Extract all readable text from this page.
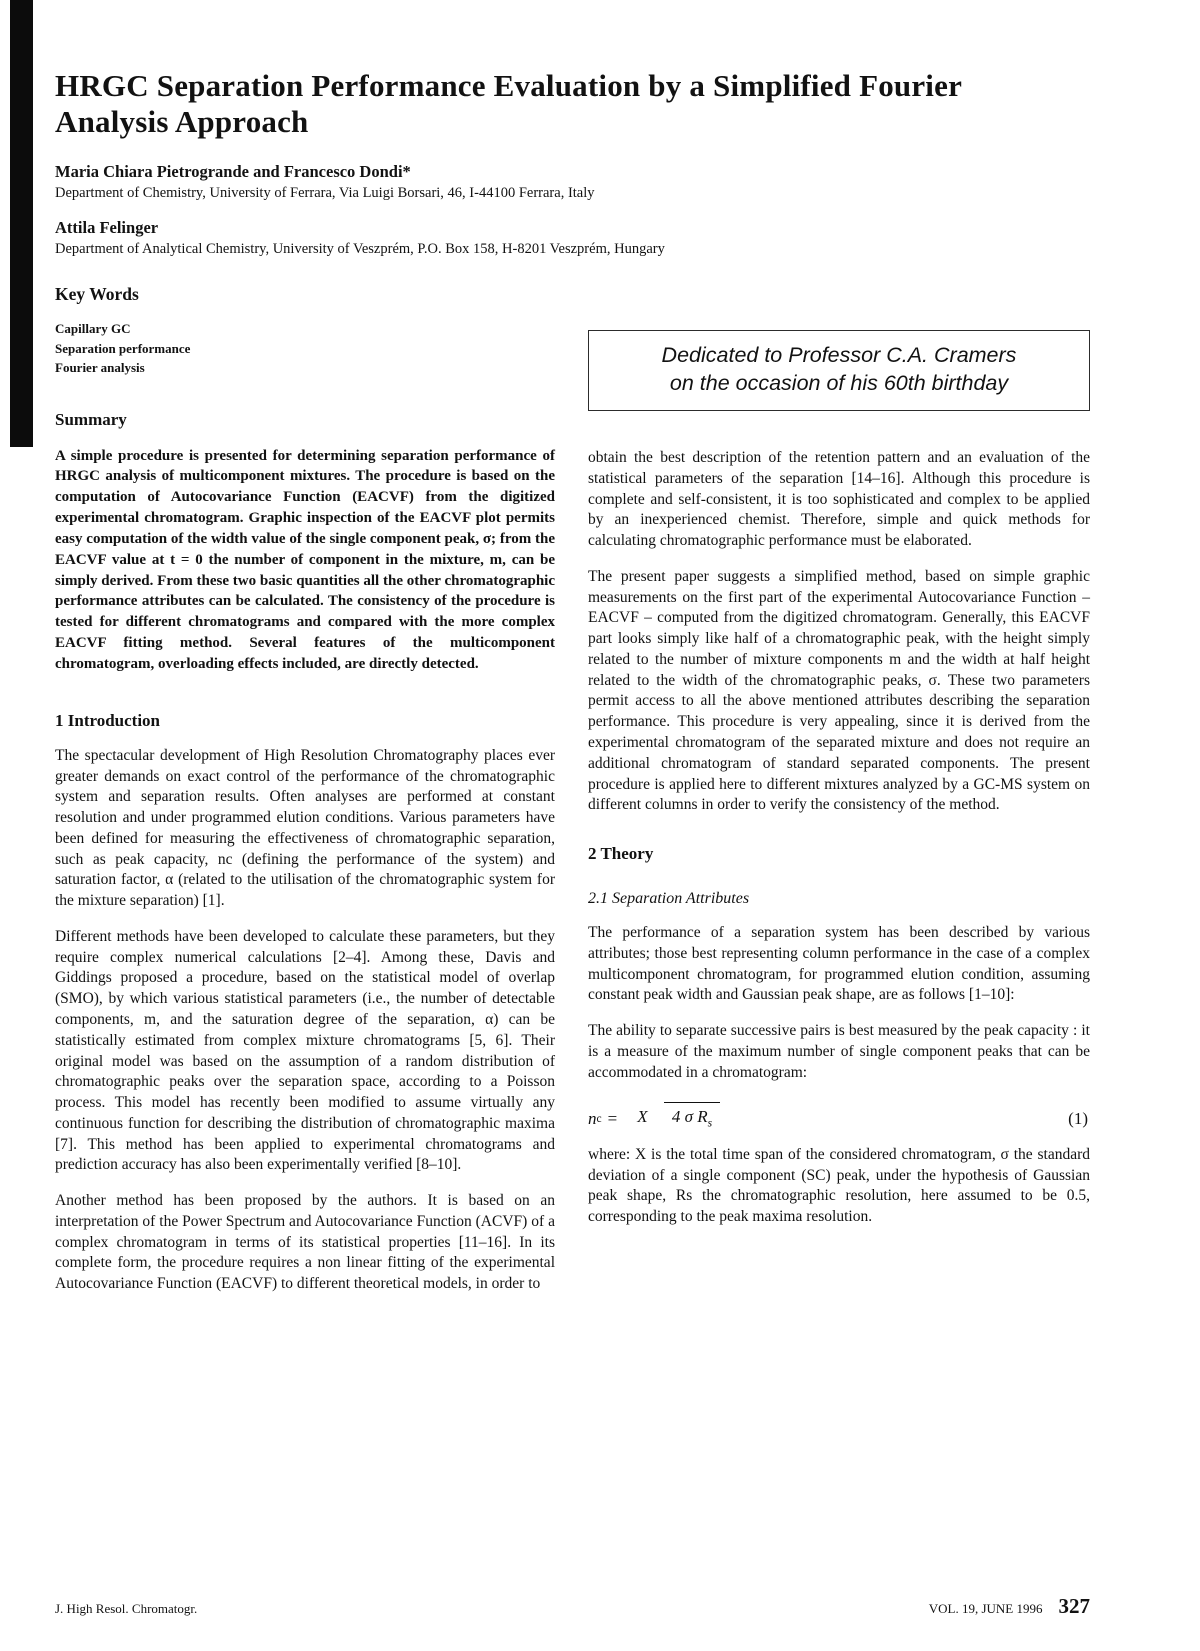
HRGC Separation Performance Evaluation by a Simplified Fourier Analysis Approach
Maria Chiara Pietrogrande and Francesco Dondi*
Department of Chemistry, University of Ferrara, Via Luigi Borsari, 46, I-44100 Ferrara, Italy
Attila Felinger
Department of Analytical Chemistry, University of Veszprém, P.O. Box 158, H-8201 Veszprém, Hungary
Key Words
Capillary GC
Separation performance
Fourier analysis
Summary

A simple procedure is presented for determining separation performance of HRGC analysis of multicomponent mixtures. The procedure is based on the computation of Autocovariance Function (EACVF) from the digitized experimental chromatogram. Graphic inspection of the EACVF plot permits easy computation of the width value of the single component peak, σ; from the EACVF value at t = 0 the number of component in the mixture, m, can be simply derived. From these two basic quantities all the other chromatographic performance attributes can be calculated. The consistency of the procedure is tested for different chromatograms and compared with the more complex EACVF fitting method. Several features of the multicomponent chromatogram, overloading effects included, are directly detected.

1 Introduction

The spectacular development of High Resolution Chromatography places ever greater demands on exact control of the performance of the chromatographic system and separation results. Often analyses are performed at constant resolution and under programmed elution conditions. Various parameters have been defined for measuring the effectiveness of chromatographic separation, such as peak capacity, nc (defining the performance of the system) and saturation factor, α (related to the utilisation of the chromatographic system for the mixture separation) [1].

Different methods have been developed to calculate these parameters, but they require complex numerical calculations [2–4]. Among these, Davis and Giddings proposed a procedure, based on the statistical model of overlap (SMO), by which various statistical parameters (i.e., the number of detectable components, m, and the saturation degree of the separation, α) can be statistically estimated from complex mixture chromatograms [5, 6]. Their original model was based on the assumption of a random distribution of chromatographic peaks over the separation space, according to a Poisson process. This model has recently been modified to assume virtually any continuous function for describing the distribution of chromatographic maxima [7]. This method has been applied to experimental chromatograms and prediction accuracy has also been experimentally verified [8–10].

Another method has been proposed by the authors. It is based on an interpretation of the Power Spectrum and Autocovariance Function (ACVF) of a complex chromatogram in terms of its statistical properties [11–16]. In its complete form, the procedure requires a non linear fitting of the experimental Autocovariance Function (EACVF) to different theoretical models, in order to

Dedicated to Professor C.A. Cramers
on the occasion of his 60th birthday

obtain the best description of the retention pattern and an evaluation of the statistical parameters of the separation [14–16]. Although this procedure is complete and self-consistent, it is too sophisticated and complex to be applied by an inexperienced chemist. Therefore, simple and quick methods for calculating chromatographic performance must be elaborated.

The present paper suggests a simplified method, based on simple graphic measurements on the first part of the experimental Autocovariance Function – EACVF – computed from the digitized chromatogram. Generally, this EACVF part looks simply like half of a chromatographic peak, with the height simply related to the number of mixture components m and the width at half height related to the width of the chromatographic peaks, σ. These two parameters permit access to all the above mentioned attributes describing the separation performance. This procedure is very appealing, since it is derived from the experimental chromatogram of the separated mixture and does not require an additional chromatogram of standard separated components. The present procedure is applied here to different mixtures analyzed by a GC-MS system on different columns in order to verify the consistency of the method.

2 Theory
2.1 Separation Attributes

The performance of a separation system has been described by various attributes; those best representing column performance in the case of a complex multicomponent chromatogram, for programmed elution condition, assuming constant peak width and Gaussian peak shape, are as follows [1–10]:

The ability to separate successive pairs is best measured by the peak capacity : it is a measure of the maximum number of single component peaks that can be accommodated in a chromatogram:

n c =	X 4 σ $R_s$	(1)

where: X is the total time span of the considered chromatogram, σ the standard deviation of a single component (SC) peak, under the hypothesis of Gaussian peak shape, Rs the chromatographic resolution, here assumed to be 0.5, corresponding to the peak maxima resolution.

J. High Resol. Chromatogr.	VOL. 19, JUNE 1996 327
